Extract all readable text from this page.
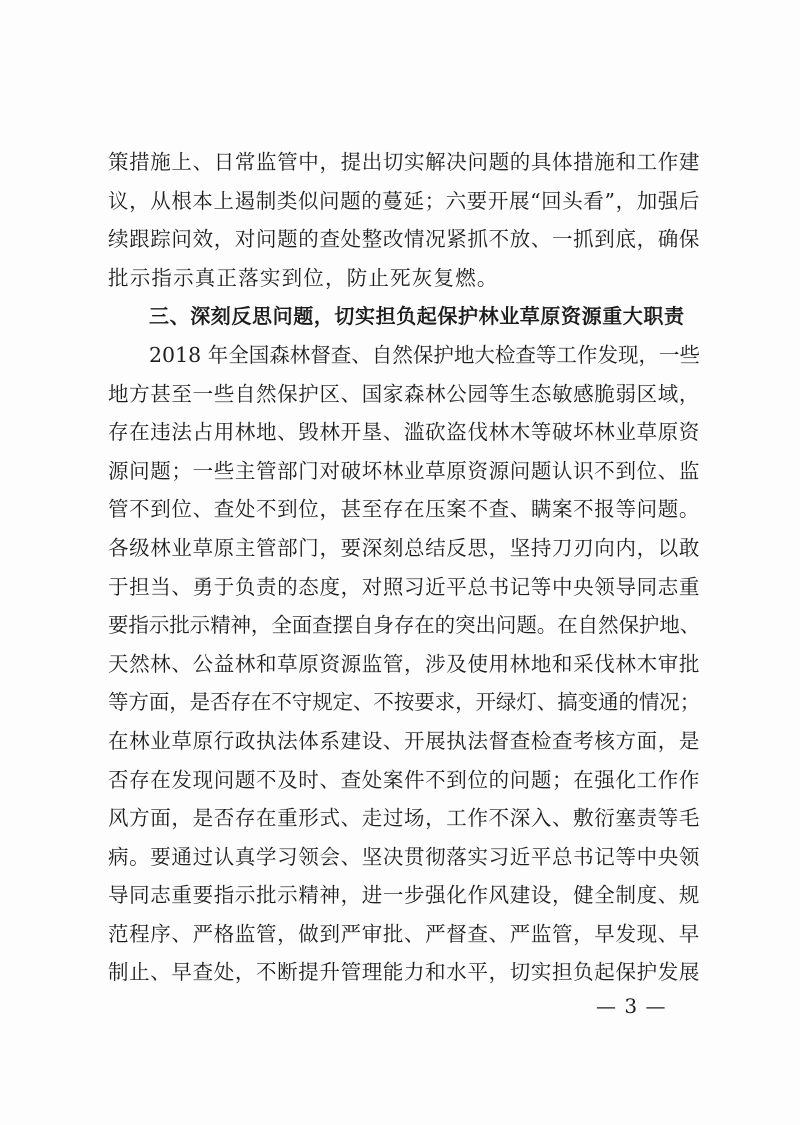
策措施上、日常监管中，提出切实解决问题的具体措施和工作建
议，从根本上遏制类似问题的蔓延；六要开展“回头看”，加强后
续跟踪问效，对问题的查处整改情况紧抓不放、一抓到底，确保
批示指示真正落实到位，防止死灰复燃。
三、深刻反思问题，切实担负起保护林业草原资源重大职责
2018 年全国森林督查、自然保护地大检查等工作发现，一些
地方甚至一些自然保护区、国家森林公园等生态敏感脆弱区域，
存在违法占用林地、毁林开垦、滥砍盗伐林木等破坏林业草原资
源问题；一些主管部门对破坏林业草原资源问题认识不到位、监
管不到位、查处不到位，甚至存在压案不查、瞒案不报等问题。
各级林业草原主管部门，要深刻总结反思，坚持刀刃向内，以敢
于担当、勇于负责的态度，对照习近平总书记等中央领导同志重
要指示批示精神，全面查摆自身存在的突出问题。在自然保护地、
天然林、公益林和草原资源监管，涉及使用林地和采伐林木审批
等方面，是否存在不守规定、不按要求，开绿灯、搞变通的情况；
在林业草原行政执法体系建设、开展执法督查检查考核方面，是
否存在发现问题不及时、查处案件不到位的问题；在强化工作作
风方面，是否存在重形式、走过场，工作不深入、敷衍塞责等毛
病。要通过认真学习领会、坚决贯彻落实习近平总书记等中央领
导同志重要指示批示精神，进一步强化作风建设，健全制度、规
范程序、严格监管，做到严审批、严督查、严监管，早发现、早
制止、早查处，不断提升管理能力和水平，切实担负起保护发展
— 3 —
